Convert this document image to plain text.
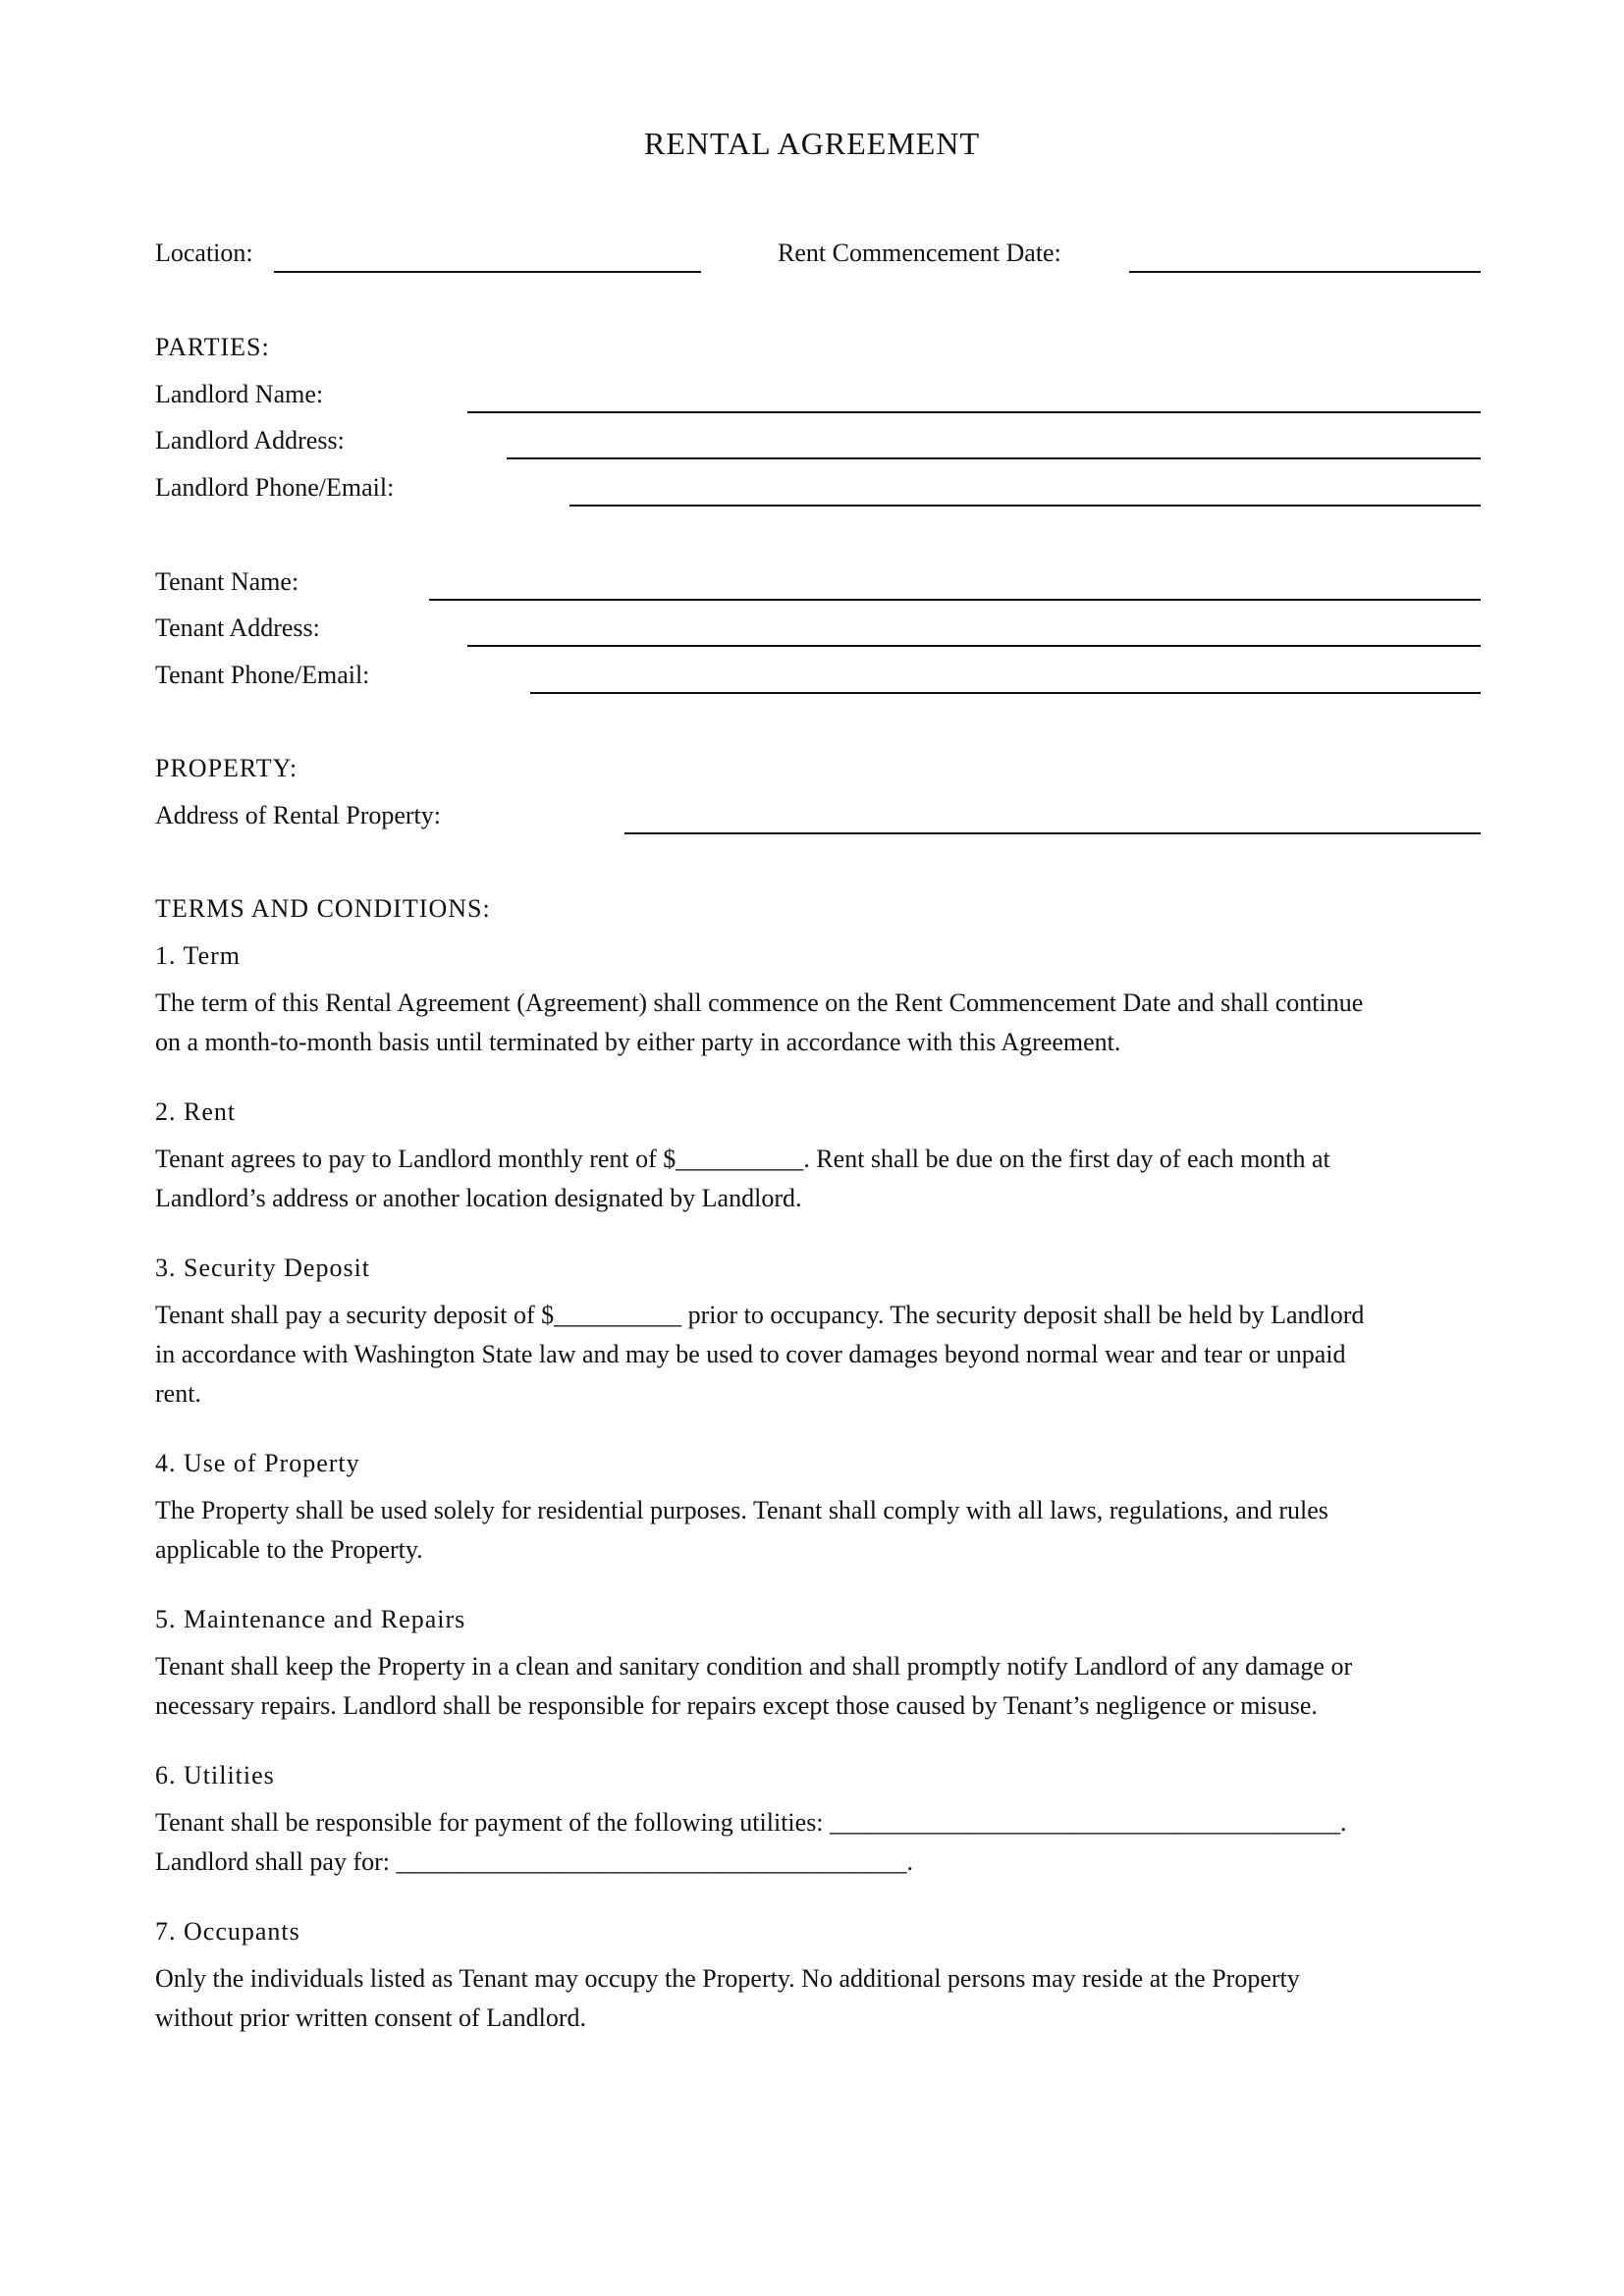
RENTAL AGREEMENT
Location:	Rent Commencement Date:
PARTIES:
Landlord Name:
Landlord Address:
Landlord Phone/Email:
Tenant Name:
Tenant Address:
Tenant Phone/Email:
PROPERTY:
Address of Rental Property:
TERMS AND CONDITIONS:
1. Term
The term of this Rental Agreement (Agreement) shall commence on the Rent Commencement Date and shall continue
on a month-to-month basis until terminated by either party in accordance with this Agreement.
2. Rent
Tenant agrees to pay to Landlord monthly rent of $__________. Rent shall be due on the first day of each month at
Landlord’s address or another location designated by Landlord.
3. Security Deposit
Tenant shall pay a security deposit of $__________ prior to occupancy. The security deposit shall be held by Landlord
in accordance with Washington State law and may be used to cover damages beyond normal wear and tear or unpaid
rent.
4. Use of Property
The Property shall be used solely for residential purposes. Tenant shall comply with all laws, regulations, and rules
applicable to the Property.
5. Maintenance and Repairs
Tenant shall keep the Property in a clean and sanitary condition and shall promptly notify Landlord of any damage or
necessary repairs. Landlord shall be responsible for repairs except those caused by Tenant’s negligence or misuse.
6. Utilities
Tenant shall be responsible for payment of the following utilities: ________________________________________.
Landlord shall pay for: ________________________________________.
7. Occupants
Only the individuals listed as Tenant may occupy the Property. No additional persons may reside at the Property
without prior written consent of Landlord.
